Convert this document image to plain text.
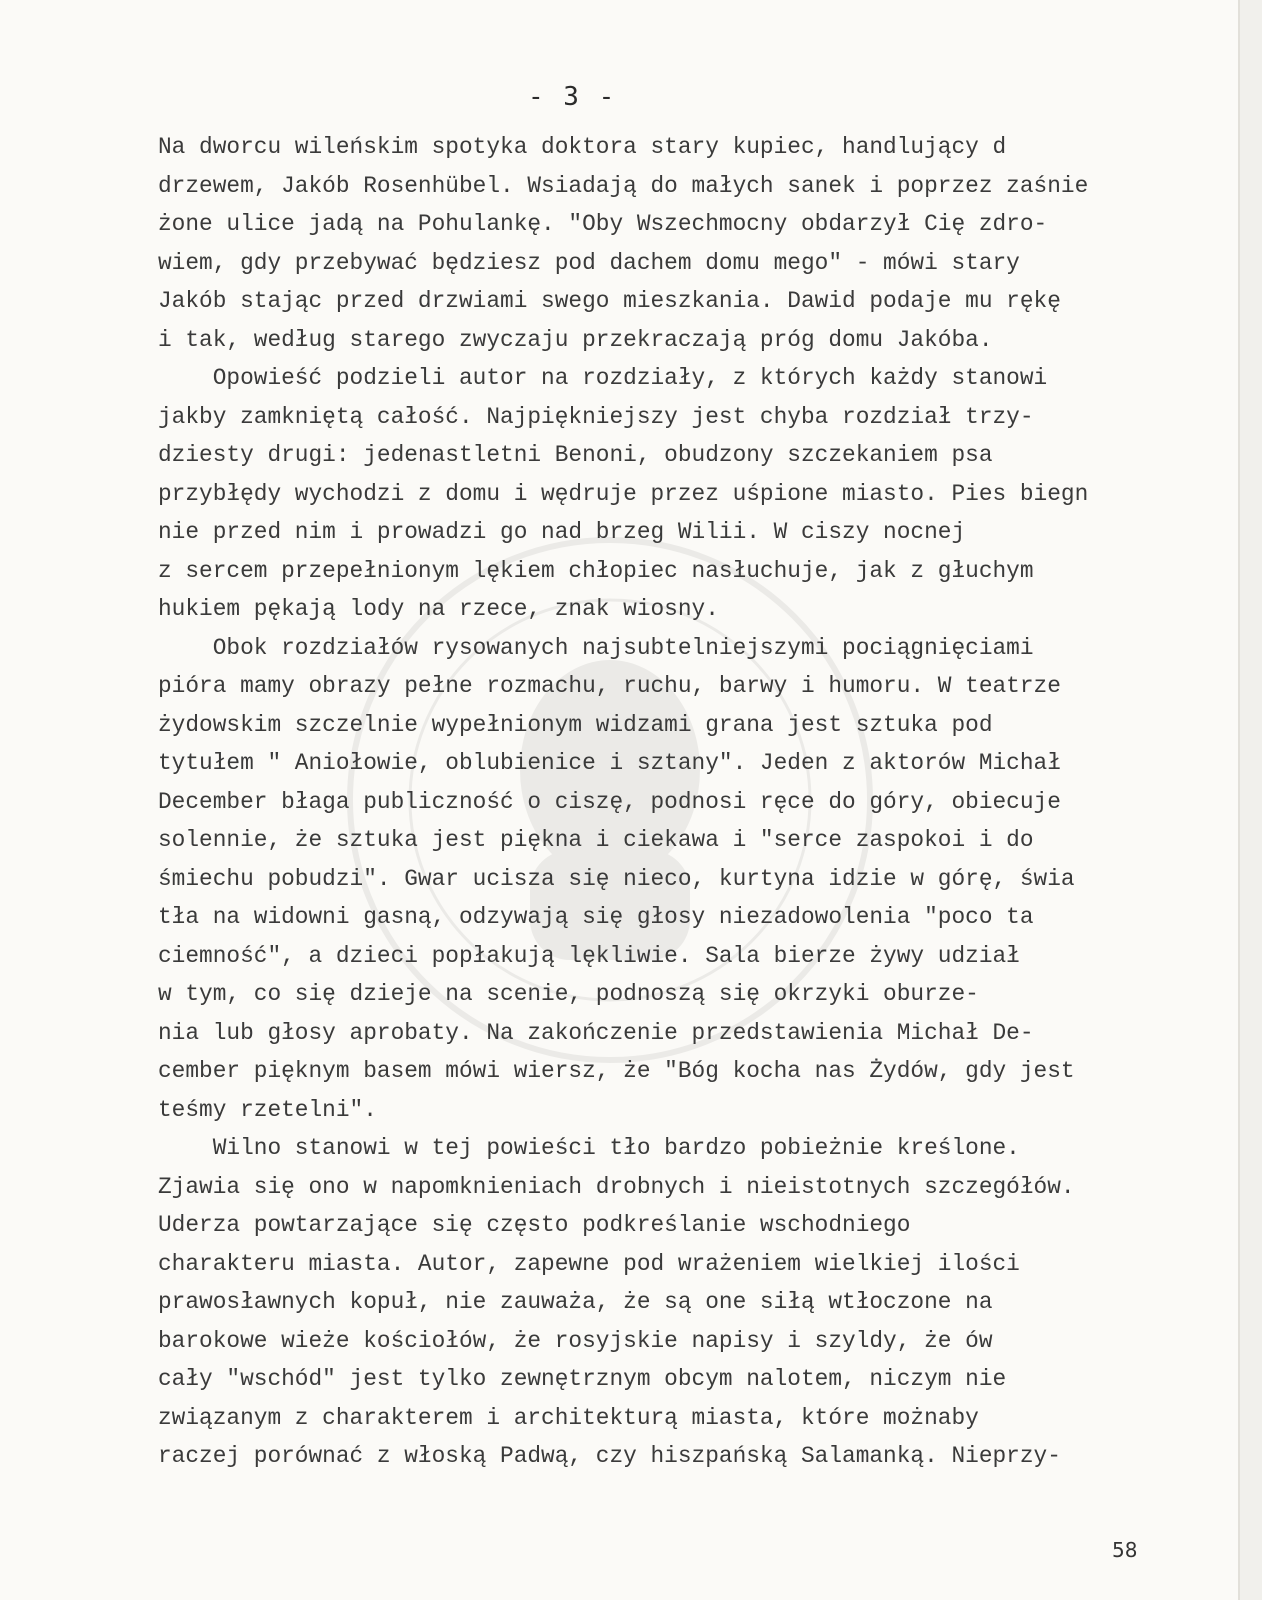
- 3 -
Na dworcu wileńskim spotyka doktora stary kupiec, handlujący d
drzewem, Jakób Rosenhübel. Wsiadają do małych sanek i poprzez zaśnie
żone ulice jadą na Pohulankę. "Oby Wszechmocny obdarzył Cię zdro-
wiem, gdy przebywać będziesz pod dachem domu mego" - mówi stary
Jakób stając przed drzwiami swego mieszkania. Dawid podaje mu rękę
i tak, według starego zwyczaju przekraczają próg domu Jakóba.
Opowieść podzieli autor na rozdziały, z których każdy stanowi
jakby zamkniętą całość. Najpiękniejszy jest chyba rozdział trzy-
dziesty drugi: jedenastletni Benoni, obudzony szczekaniem psa
przybłędy wychodzi z domu i wędruje przez uśpione miasto. Pies biegn
nie przed nim i prowadzi go nad brzeg Wilii. W ciszy nocnej
z sercem przepełnionym lękiem chłopiec nasłuchuje, jak z głuchym
hukiem pękają lody na rzece, znak wiosny.
Obok rozdziałów rysowanych najsubtelniejszymi pociągnięciami
pióra mamy obrazy pełne rozmachu, ruchu, barwy i humoru. W teatrze
żydowskim szczelnie wypełnionym widzami grana jest sztuka pod
tytułem " Aniołowie, oblubienice i sztany". Jeden z aktorów Michał
December błaga publiczność o ciszę, podnosi ręce do góry, obiecuje
solennie, że sztuka jest piękna i ciekawa i "serce zaspokoi i do
śmiechu pobudzi". Gwar ucisza się nieco, kurtyna idzie w górę, świa
tła na widowni gasną, odzywają się głosy niezadowolenia "poco ta
ciemność", a dzieci popłakują lękliwie. Sala bierze żywy udział
w tym, co się dzieje na scenie, podnoszą się okrzyki oburze-
nia lub głosy aprobaty. Na zakończenie przedstawienia Michał De-
cember pięknym basem mówi wiersz, że "Bóg kocha nas Żydów, gdy jest
teśmy rzetelni".
Wilno stanowi w tej powieści tło bardzo pobieżnie kreślone.
Zjawia się ono w napomknieniach drobnych i nieistotnych szczegółów.
Uderza powtarzające się często podkreślanie wschodniego
charakteru miasta. Autor, zapewne pod wrażeniem wielkiej ilości
prawosławnych kopuł, nie zauważa, że są one siłą wtłoczone na
barokowe wieże kościołów, że rosyjskie napisy i szyldy, że ów
cały "wschód" jest tylko zewnętrznym obcym nalotem, niczym nie
związanym z charakterem i architekturą miasta, które możnaby
raczej porównać z włoską Padwą, czy hiszpańską Salamanką. Nieprzy-
58
